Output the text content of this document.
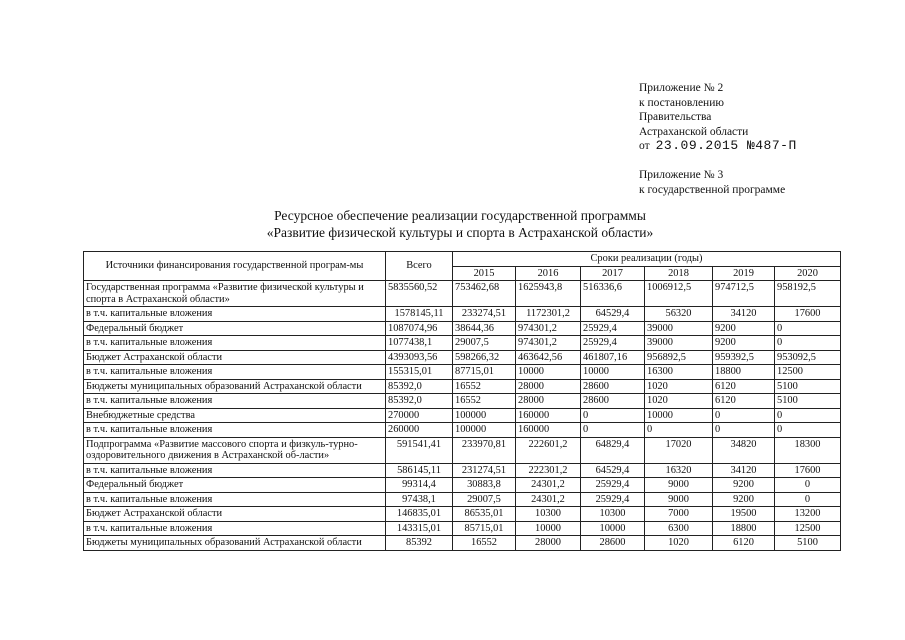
Приложение № 2
к постановлению
Правительства
Астраханской области
от 23.09.2015 №487-П
Приложение № 3
к государственной программе
Ресурсное обеспечение реализации государственной программы
«Развитие физической культуры и спорта в Астраханской области»
Источники финансирования государственной програм-мы	Всего	Сроки реализации (годы)					
		2015	2016	2017	2018	2019	2020
Государственная программа «Развитие физической культуры и спорта в Астраханской области»	5835560,52	753462,68	1625943,8	516336,6	1006912,5	974712,5	958192,5
в т.ч. капитальные вложения	1578145,11	233274,51	1172301,2	64529,4	56320	34120	17600
Федеральный бюджет	1087074,96	38644,36	974301,2	25929,4	39000	9200	0
в т.ч. капитальные вложения	1077438,1	29007,5	974301,2	25929,4	39000	9200	0
Бюджет Астраханской области	4393093,56	598266,32	463642,56	461807,16	956892,5	959392,5	953092,5
в т.ч. капитальные вложения	155315,01	87715,01	10000	10000	16300	18800	12500
Бюджеты муниципальных образований Астраханской области	85392,0	16552	28000	28600	1020	6120	5100
в т.ч. капитальные вложения	85392,0	16552	28000	28600	1020	6120	5100
Внебюджетные средства	270000	100000	160000	0	10000	0	0
в т.ч. капитальные вложения	260000	100000	160000	0	0	0	0
Подпрограмма «Развитие массового спорта и физкуль-турно-оздоровительного движения в Астраханской об-ласти»	591541,41	233970,81	222601,2	64829,4	17020	34820	18300
в т.ч. капитальные вложения	586145,11	231274,51	222301,2	64529,4	16320	34120	17600
Федеральный бюджет	99314,4	30883,8	24301,2	25929,4	9000	9200	0
в т.ч. капитальные вложения	97438,1	29007,5	24301,2	25929,4	9000	9200	0
Бюджет Астраханской области	146835,01	86535,01	10300	10300	7000	19500	13200
в т.ч. капитальные вложения	143315,01	85715,01	10000	10000	6300	18800	12500
Бюджеты муниципальных образований Астраханской области	85392	16552	28000	28600	1020	6120	5100
